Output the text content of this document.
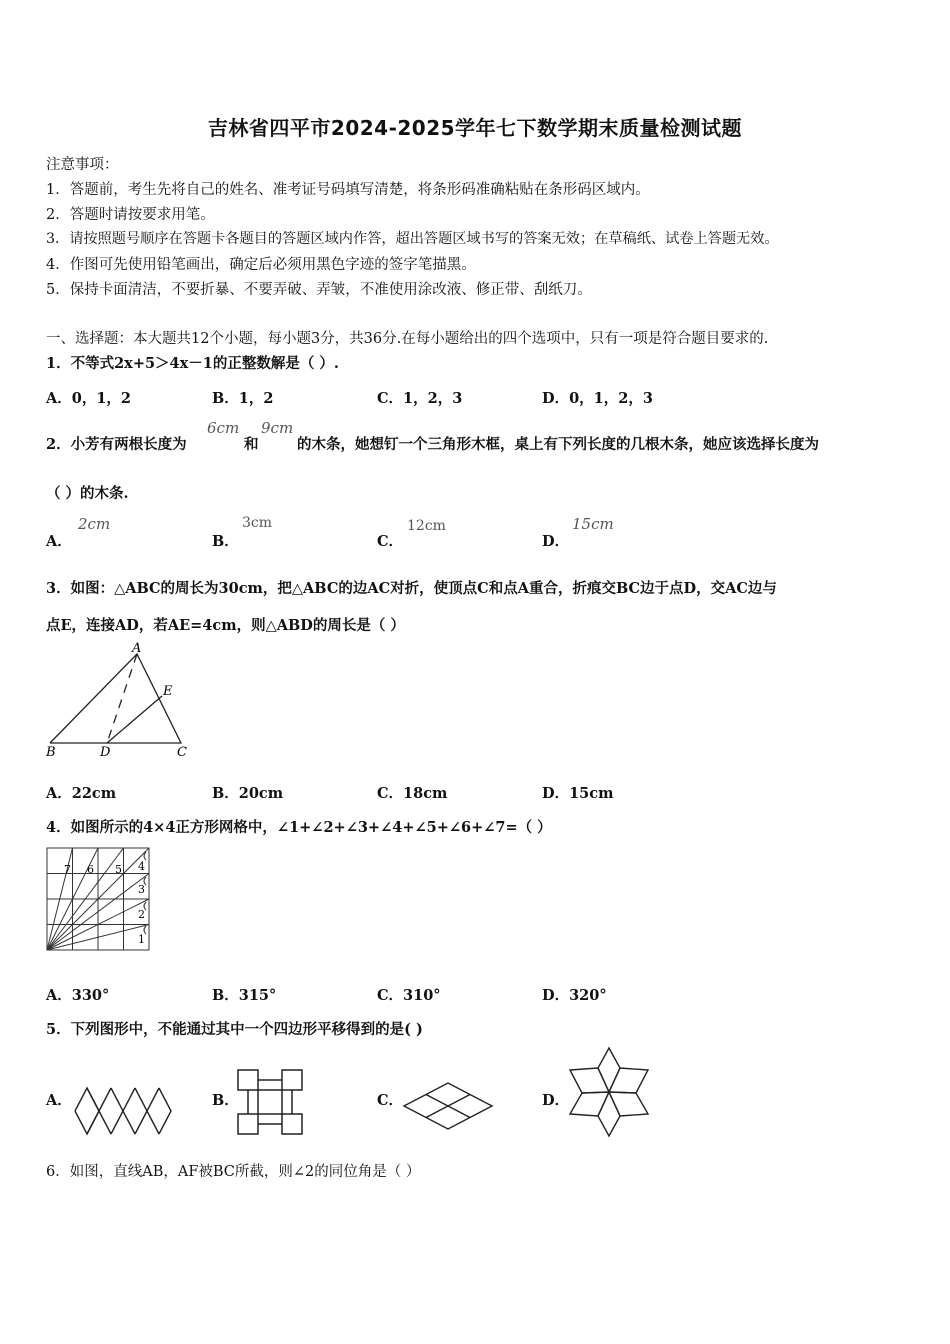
吉林省四平市2024-2025学年七下数学期末质量检测试题
注意事项：
1．答题前，考生先将自己的姓名、准考证号码填写清楚，将条形码准确粘贴在条形码区域内。
2．答题时请按要求用笔。
3．请按照题号顺序在答题卡各题目的答题区域内作答，超出答题区域书写的答案无效；在草稿纸、试卷上答题无效。
4．作图可先使用铅笔画出，确定后必须用黑色字迹的签字笔描黑。
5．保持卡面清洁，不要折暴、不要弄破、弄皱，不准使用涂改液、修正带、刮纸刀。
一、选择题：本大题共12个小题，每小题3分，共36分.在每小题给出的四个选项中，只有一项是符合题目要求的.
1．不等式2x+5＞4x－1的正整数解是（ ）.
A．0，1，2	B．1，2	C．1，2，3	D．0，1，2，3
2．小芳有两根长度为
6cm
和
9cm
的木条，她想钉一个三角形木框，桌上有下列长度的几根木条，她应该选择长度为
（ ）的木条.
A．
2cm
B．
3cm
C．
12cm
D．
15cm
3．如图：△ABC的周长为30cm，把△ABC的边AC对折，使顶点C和点A重合，折痕交BC边于点D，交AC边与
点E，连接AD，若AE=4cm，则△ABD的周长是（ ）
A
B	C
D
E
A．22cm	B．20cm	C．18cm	D．15cm
4．如图所示的4×4正方形网格中，∠1+∠2+∠3+∠4+∠5+∠6+∠7=（ ）
1
2
3
4
5
6
7
A．330°	B．315°	C．310°	D．320°
5．下列图形中，不能通过其中一个四边形平移得到的是( )
A．	B．	C．	D．
6．如图，直线AB，AF被BC所截，则∠2的同位角是（ ）
